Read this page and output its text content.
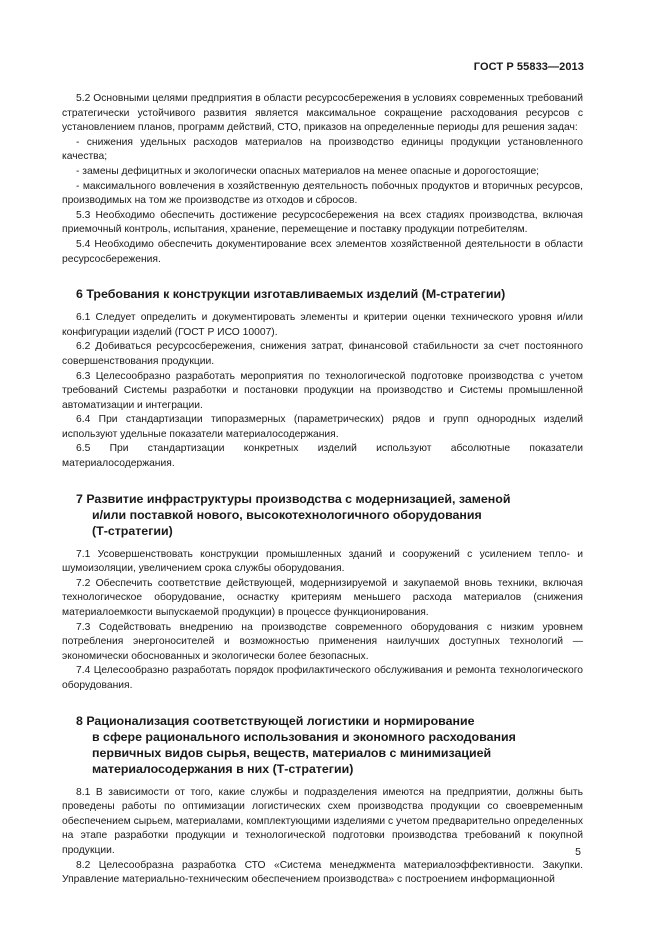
ГОСТ Р 55833—2013

5.2 Основными целями предприятия в области ресурсосбережения в условиях современных требований стратегически устойчивого развития является максимальное сокращение расходования ресурсов с установлением планов, программ действий, СТО, приказов на определенные периоды для решения задач:

- снижения удельных расходов материалов на производство единицы продукции установленного качества;

- замены дефицитных и экологически опасных материалов на менее опасные и дорогостоящие;

- максимального вовлечения в хозяйственную деятельность побочных продуктов и вторичных ресурсов, производимых на том же производстве из отходов и сбросов.

5.3 Необходимо обеспечить достижение ресурсосбережения на всех стадиях производства, включая приемочный контроль, испытания, хранение, перемещение и поставку продукции потребителям.

5.4 Необходимо обеспечить документирование всех элементов хозяйственной деятельности в области ресурсосбережения.

6 Требования к конструкции изготавливаемых изделий (М-стратегии)

6.1 Следует определить и документировать элементы и критерии оценки технического уровня и/или конфигурации изделий (ГОСТ Р ИСО 10007).

6.2 Добиваться ресурсосбережения, снижения затрат, финансовой стабильности за счет постоянного совершенствования продукции.

6.3 Целесообразно разработать мероприятия по технологической подготовке производства с учетом требований Системы разработки и постановки продукции на производство и Системы промышленной автоматизации и интеграции.

6.4 При стандартизации типоразмерных (параметрических) рядов и групп однородных изделий используют удельные показатели материалосодержания.

6.5 При стандартизации конкретных изделий используют абсолютные показатели материалосодержания.

7 Развитие инфраструктуры производства с модернизацией, заменой
и/или поставкой нового, высокотехнологичного оборудования
(Т-стратегии)

7.1 Усовершенствовать конструкции промышленных зданий и сооружений с усилением тепло- и шумоизоляции, увеличением срока службы оборудования.

7.2 Обеспечить соответствие действующей, модернизируемой и закупаемой вновь техники, включая технологическое оборудование, оснастку критериям меньшего расхода материалов (снижения материалоемкости выпускаемой продукции) в процессе функционирования.

7.3 Содействовать внедрению на производстве современного оборудования с низким уровнем потребления энергоносителей и возможностью применения наилучших доступных технологий — экономически обоснованных и экологически более безопасных.

7.4 Целесообразно разработать порядок профилактического обслуживания и ремонта технологического оборудования.

8 Рационализация соответствующей логистики и нормирование
в сфере рационального использования и экономного расходования
первичных видов сырья, веществ, материалов с минимизацией
материалосодержания в них (Т-стратегии)

8.1 В зависимости от того, какие службы и подразделения имеются на предприятии, должны быть проведены работы по оптимизации логистических схем производства продукции со своевременным обеспечением сырьем, материалами, комплектующими изделиями с учетом предварительно определенных на этапе разработки продукции и технологической подготовки производства требований к покупной продукции.

8.2 Целесообразна разработка СТО «Система менеджмента материалоэффективности. Закупки. Управление материально-техническим обеспечением производства» с построением информационной

5
